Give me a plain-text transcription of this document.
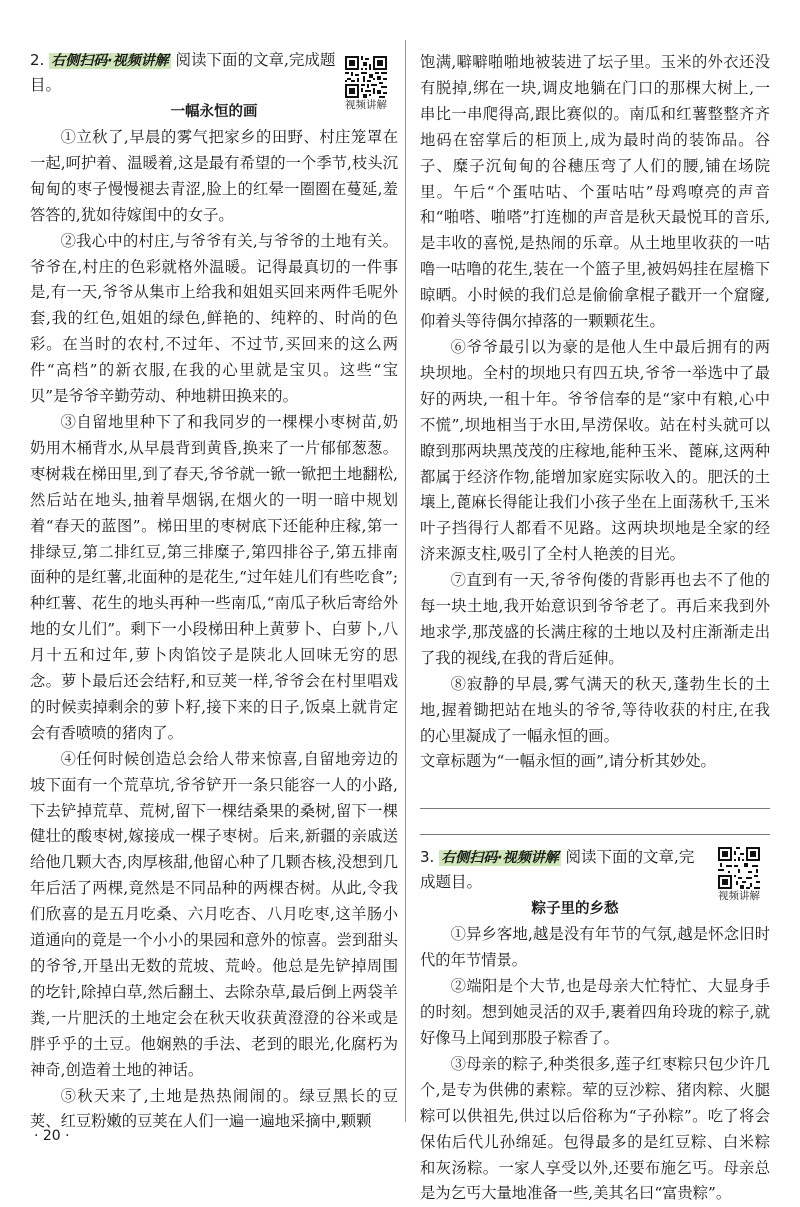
2. 右侧扫码·视频讲解 阅读下面的文章,完成题目。
视频讲解
一幅永恒的画

①立秋了,早晨的雾气把家乡的田野、村庄笼罩在一起,呵护着、温暖着,这是最有希望的一个季节,枝头沉甸甸的枣子慢慢褪去青涩,脸上的红晕一圈圈在蔓延,羞答答的,犹如待嫁闺中的女子。

②我心中的村庄,与爷爷有关,与爷爷的土地有关。爷爷在,村庄的色彩就格外温暖。记得最真切的一件事是,有一天,爷爷从集市上给我和姐姐买回来两件毛呢外套,我的红色,姐姐的绿色,鲜艳的、纯粹的、时尚的色彩。在当时的农村,不过年、不过节,买回来的这么两件“高档”的新衣服,在我的心里就是宝贝。这些“宝贝”是爷爷辛勤劳动、种地耕田换来的。

③自留地里种下了和我同岁的一棵棵小枣树苗,奶奶用木桶背水,从早晨背到黄昏,换来了一片郁郁葱葱。枣树栽在梯田里,到了春天,爷爷就一锨一锨把土地翻松,然后站在地头,抽着旱烟锅,在烟火的一明一暗中规划着“春天的蓝图”。梯田里的枣树底下还能种庄稼,第一排绿豆,第二排红豆,第三排糜子,第四排谷子,第五排南面种的是红薯,北面种的是花生,“过年娃儿们有些吃食”;种红薯、花生的地头再种一些南瓜,“南瓜子秋后寄给外地的女儿们”。剩下一小段梯田种上黄萝卜、白萝卜,八月十五和过年,萝卜肉馅饺子是陕北人回味无穷的思念。萝卜最后还会结籽,和豆荚一样,爷爷会在村里唱戏的时候卖掉剩余的萝卜籽,接下来的日子,饭桌上就肯定会有香喷喷的猪肉了。

④任何时候创造总会给人带来惊喜,自留地旁边的坡下面有一个荒草坑,爷爷铲开一条只能容一人的小路,下去铲掉荒草、荒树,留下一棵结桑果的桑树,留下一棵健壮的酸枣树,嫁接成一棵子枣树。后来,新疆的亲戚送给他几颗大杏,肉厚核甜,他留心种了几颗杏核,没想到几年后活了两棵,竟然是不同品种的两棵杏树。从此,令我们欣喜的是五月吃桑、六月吃杏、八月吃枣,这羊肠小道通向的竟是一个小小的果园和意外的惊喜。尝到甜头的爷爷,开垦出无数的荒坡、荒岭。他总是先铲掉周围的圪针,除掉白草,然后翻土、去除杂草,最后倒上两袋羊粪,一片肥沃的土地定会在秋天收获黄澄澄的谷米或是胖乎乎的土豆。他娴熟的手法、老到的眼光,化腐朽为神奇,创造着土地的神话。

⑤秋天来了,土地是热热闹闹的。绿豆黑长的豆荚、红豆粉嫩的豆荚在人们一遍一遍地采摘中,颗颗

饱满,噼噼啪啪地被装进了坛子里。玉米的外衣还没有脱掉,绑在一块,调皮地躺在门口的那棵大树上,一串比一串爬得高,跟比赛似的。南瓜和红薯整整齐齐地码在窑掌后的柜顶上,成为最时尚的装饰品。谷子、糜子沉甸甸的谷穗压弯了人们的腰,铺在场院里。午后“个蛋咕咕、个蛋咕咕”母鸡嘹亮的声音和“啪嗒、啪嗒”打连枷的声音是秋天最悦耳的音乐,是丰收的喜悦,是热闹的乐章。从土地里收获的一咕噜一咕噜的花生,装在一个篮子里,被妈妈挂在屋檐下晾晒。小时候的我们总是偷偷拿棍子戳开一个窟窿,仰着头等待偶尔掉落的一颗颗花生。

⑥爷爷最引以为豪的是他人生中最后拥有的两块坝地。全村的坝地只有四五块,爷爷一举选中了最好的两块,一租十年。爷爷信奉的是“家中有粮,心中不慌”,坝地相当于水田,旱涝保收。站在村头就可以瞭到那两块黑茂茂的庄稼地,能种玉米、蓖麻,这两种都属于经济作物,能增加家庭实际收入的。肥沃的土壤上,蓖麻长得能让我们小孩子坐在上面荡秋千,玉米叶子挡得行人都看不见路。这两块坝地是全家的经济来源支柱,吸引了全村人艳羡的目光。

⑦直到有一天,爷爷佝偻的背影再也去不了他的每一块土地,我开始意识到爷爷老了。再后来我到外地求学,那茂盛的长满庄稼的土地以及村庄渐渐走出了我的视线,在我的背后延伸。

⑧寂静的早晨,雾气满天的秋天,蓬勃生长的土地,握着锄把站在地头的爷爷,等待收获的村庄,在我的心里凝成了一幅永恒的画。

文章标题为“一幅永恒的画”,请分析其妙处。

3. 右侧扫码·视频讲解 阅读下面的文章,完成题目。
视频讲解
粽子里的乡愁

①异乡客地,越是没有年节的气氛,越是怀念旧时代的年节情景。

②端阳是个大节,也是母亲大忙特忙、大显身手的时刻。想到她灵活的双手,裹着四角玲珑的粽子,就好像马上闻到那股子粽香了。

③母亲的粽子,种类很多,莲子红枣粽只包少许几个,是专为供佛的素粽。荤的豆沙粽、猪肉粽、火腿粽可以供祖先,供过以后俗称为“子孙粽”。吃了将会保佑后代儿孙绵延。包得最多的是红豆粽、白米粽和灰汤粽。一家人享受以外,还要布施乞丐。母亲总是为乞丐大量地准备一些,美其名曰“富贵粽”。

· 20 ·
